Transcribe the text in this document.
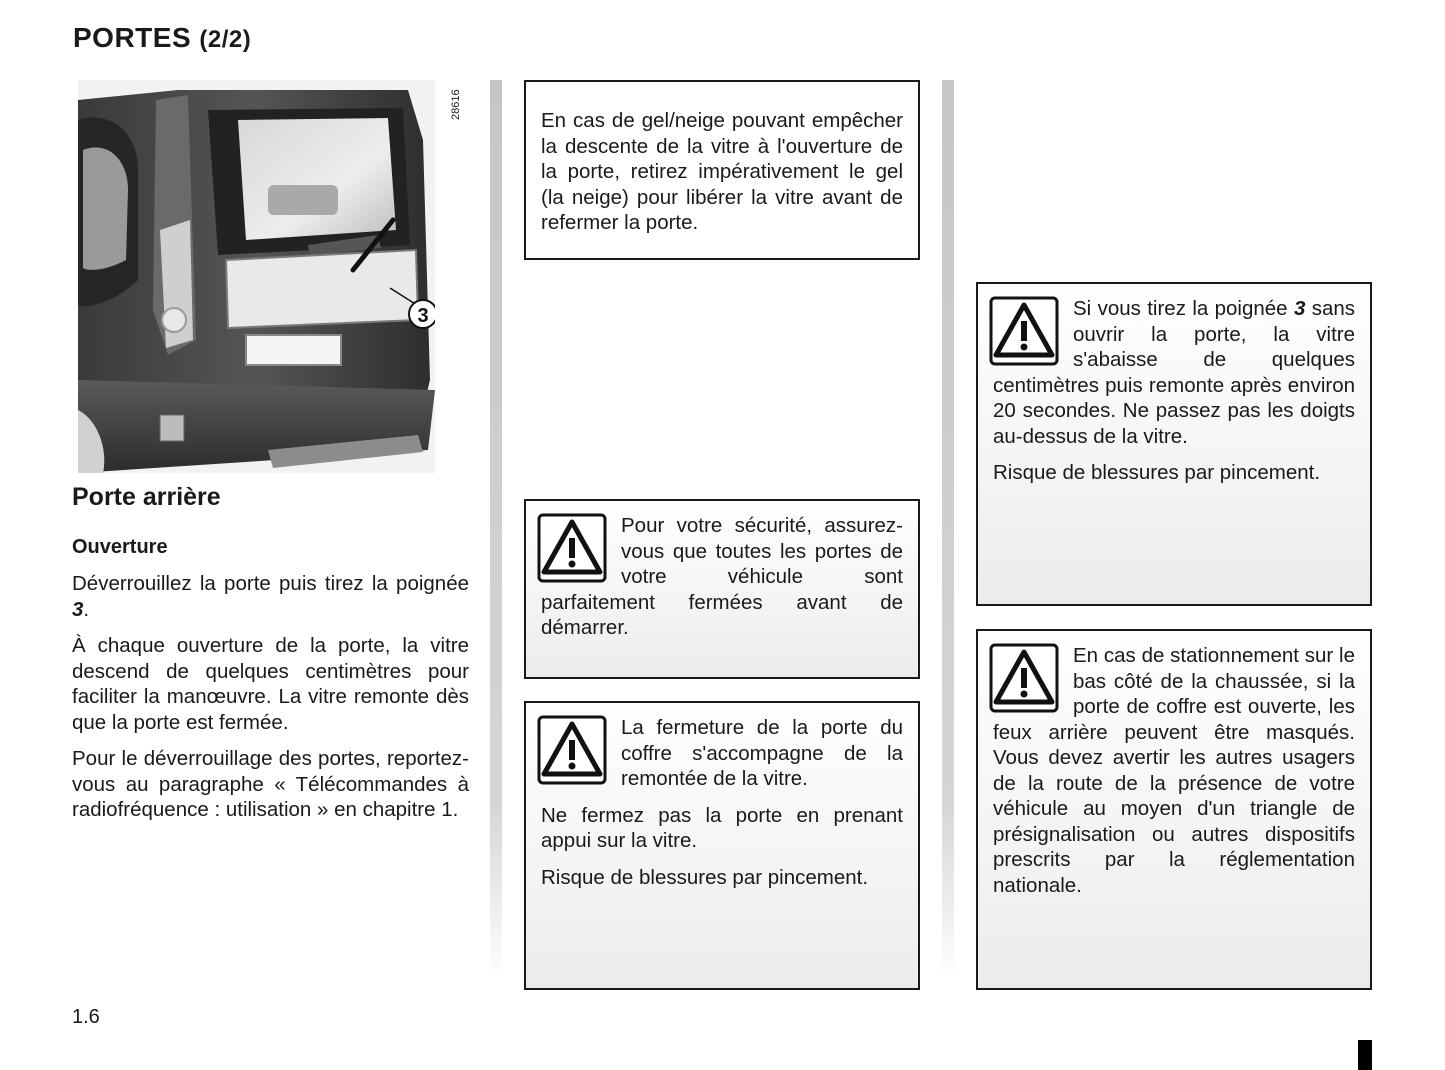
PORTES (2/2)
3
28616
Porte arrière
Ouverture

Déverrouillez la porte puis tirez la poignée 3.

À chaque ouverture de la porte, la vitre descend de quelques centimètres pour faciliter la manœuvre. La vitre remonte dès que la porte est fermée.

Pour le déverrouillage des portes, reportez-vous au paragraphe « Télécommandes à radiofréquence : utilisation » en chapitre 1.

En cas de gel/neige pouvant empêcher la descente de la vitre à l'ouverture de la porte, retirez impérativement le gel (la neige) pour libérer la vitre avant de refermer la porte.

Pour votre sécurité, assurez-vous que toutes les portes de votre véhicule sont parfaitement fermées avant de démarrer.

La fermeture de la porte du coffre s'accompagne de la remontée de la vitre.

Ne fermez pas la porte en prenant appui sur la vitre.

Risque de blessures par pincement.

Si vous tirez la poignée 3 sans ouvrir la porte, la vitre s'abaisse de quelques centimètres puis remonte après environ 20 secondes. Ne passez pas les doigts au-dessus de la vitre.

Risque de blessures par pincement.

En cas de stationnement sur le bas côté de la chaussée, si la porte de coffre est ouverte, les feux arrière peuvent être masqués. Vous devez avertir les autres usagers de la route de la présence de votre véhicule au moyen d'un triangle de présignalisation ou autres dispositifs prescrits par la réglementation nationale.

1.6
